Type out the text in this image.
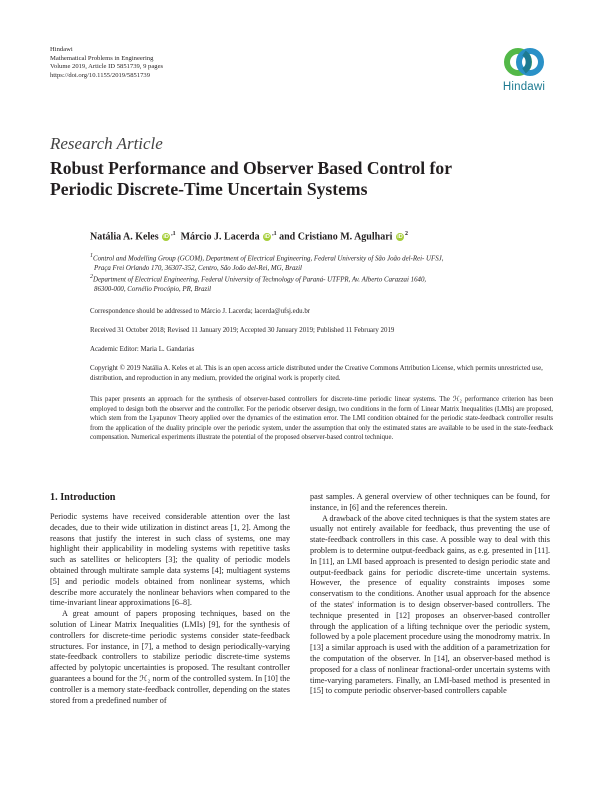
Hindawi
Mathematical Problems in Engineering
Volume 2019, Article ID 5851739, 9 pages
https://doi.org/10.1155/2019/5851739
Hindawi
Research Article
Robust Performance and Observer Based Control for
Periodic Discrete-Time Uncertain Systems
Natália A. Keles $iD^{,1}$ Márcio J. Lacerda $iD^{,1}$ and Cristiano M. Agulhari $iD^2$
$^1$Control and Modelling Group (GCOM), Department of Electrical Engineering, Federal University of São João del-Rei- UFSJ,
Praça Frei Orlando 170, 36307-352, Centro, São João del-Rei, MG, Brazil
$^2$Department of Electrical Engineering, Federal University of Technology of Paraná- UTFPR, Av. Alberto Carazzai 1640,
86300-000, Cornélio Procópio, PR, Brazil
Correspondence should be addressed to Márcio J. Lacerda; lacerda@ufsj.edu.br
Received 31 October 2018; Revised 11 January 2019; Accepted 30 January 2019; Published 11 February 2019
Academic Editor: Maria L. Gandarias
Copyright © 2019 Natália A. Keles et al. This is an open access article distributed under the Creative Commons Attribution License, which permits unrestricted use, distribution, and reproduction in any medium, provided the original work is properly cited.
This paper presents an approach for the synthesis of observer-based controllers for discrete-time periodic linear systems. The ℋ₂ performance criterion has been employed to design both the observer and the controller. For the periodic observer design, two conditions in the form of Linear Matrix Inequalities (LMIs) are proposed, which stem from the Lyapunov Theory applied over the dynamics of the estimation error. The LMI condition obtained for the periodic state-feedback controller results from the application of the duality principle over the periodic system, under the assumption that only the estimated states are available to be used in the state-feedback compensation. Numerical experiments illustrate the potential of the proposed observer-based control technique.
1. Introduction

Periodic systems have received considerable attention over the last decades, due to their wide utilization in distinct areas [1, 2]. Among the reasons that justify the interest in such class of systems, one may highlight their applicability in modeling systems with repetitive tasks such as satellites or helicopters [3]; the quality of periodic models obtained through multirate sample data systems [4]; multiagent systems [5] and periodic models obtained from nonlinear systems, which describe more accurately the nonlinear behaviors when compared to the time-invariant linear approximations [6–8].

A great amount of papers proposing techniques, based on the solution of Linear Matrix Inequalities (LMIs) [9], for the synthesis of controllers for discrete-time periodic systems consider state-feedback structures. For instance, in [7], a method to design periodically-varying state-feedback controllers to stabilize periodic discrete-time systems affected by polytopic uncertainties is proposed. The resultant controller guarantees a bound for the ℋ₂ norm of the controlled system. In [10] the controller is a memory state-feedback controller, depending on the states stored from a predefined number of

past samples. A general overview of other techniques can be found, for instance, in [6] and the references therein.

A drawback of the above cited techniques is that the system states are usually not entirely available for feedback, thus preventing the use of state-feedback controllers in this case. A possible way to deal with this problem is to determine output-feedback gains, as e.g. presented in [11]. In [11], an LMI based approach is presented to design periodic state and output-feedback gains for periodic discrete-time uncertain systems. However, the presence of equality constraints imposes some conservatism to the conditions. Another usual approach for the absence of the states' information is to design observer-based controllers. The technique presented in [12] proposes an observer-based controller through the application of a lifting technique over the periodic system, followed by a pole placement procedure using the monodromy matrix. In [13] a similar approach is used with the addition of a parametrization for the computation of the observer. In [14], an observer-based method is proposed for a class of nonlinear fractional-order uncertain systems with time-varying parameters. Finally, an LMI-based method is presented in [15] to compute periodic observer-based controllers capable
